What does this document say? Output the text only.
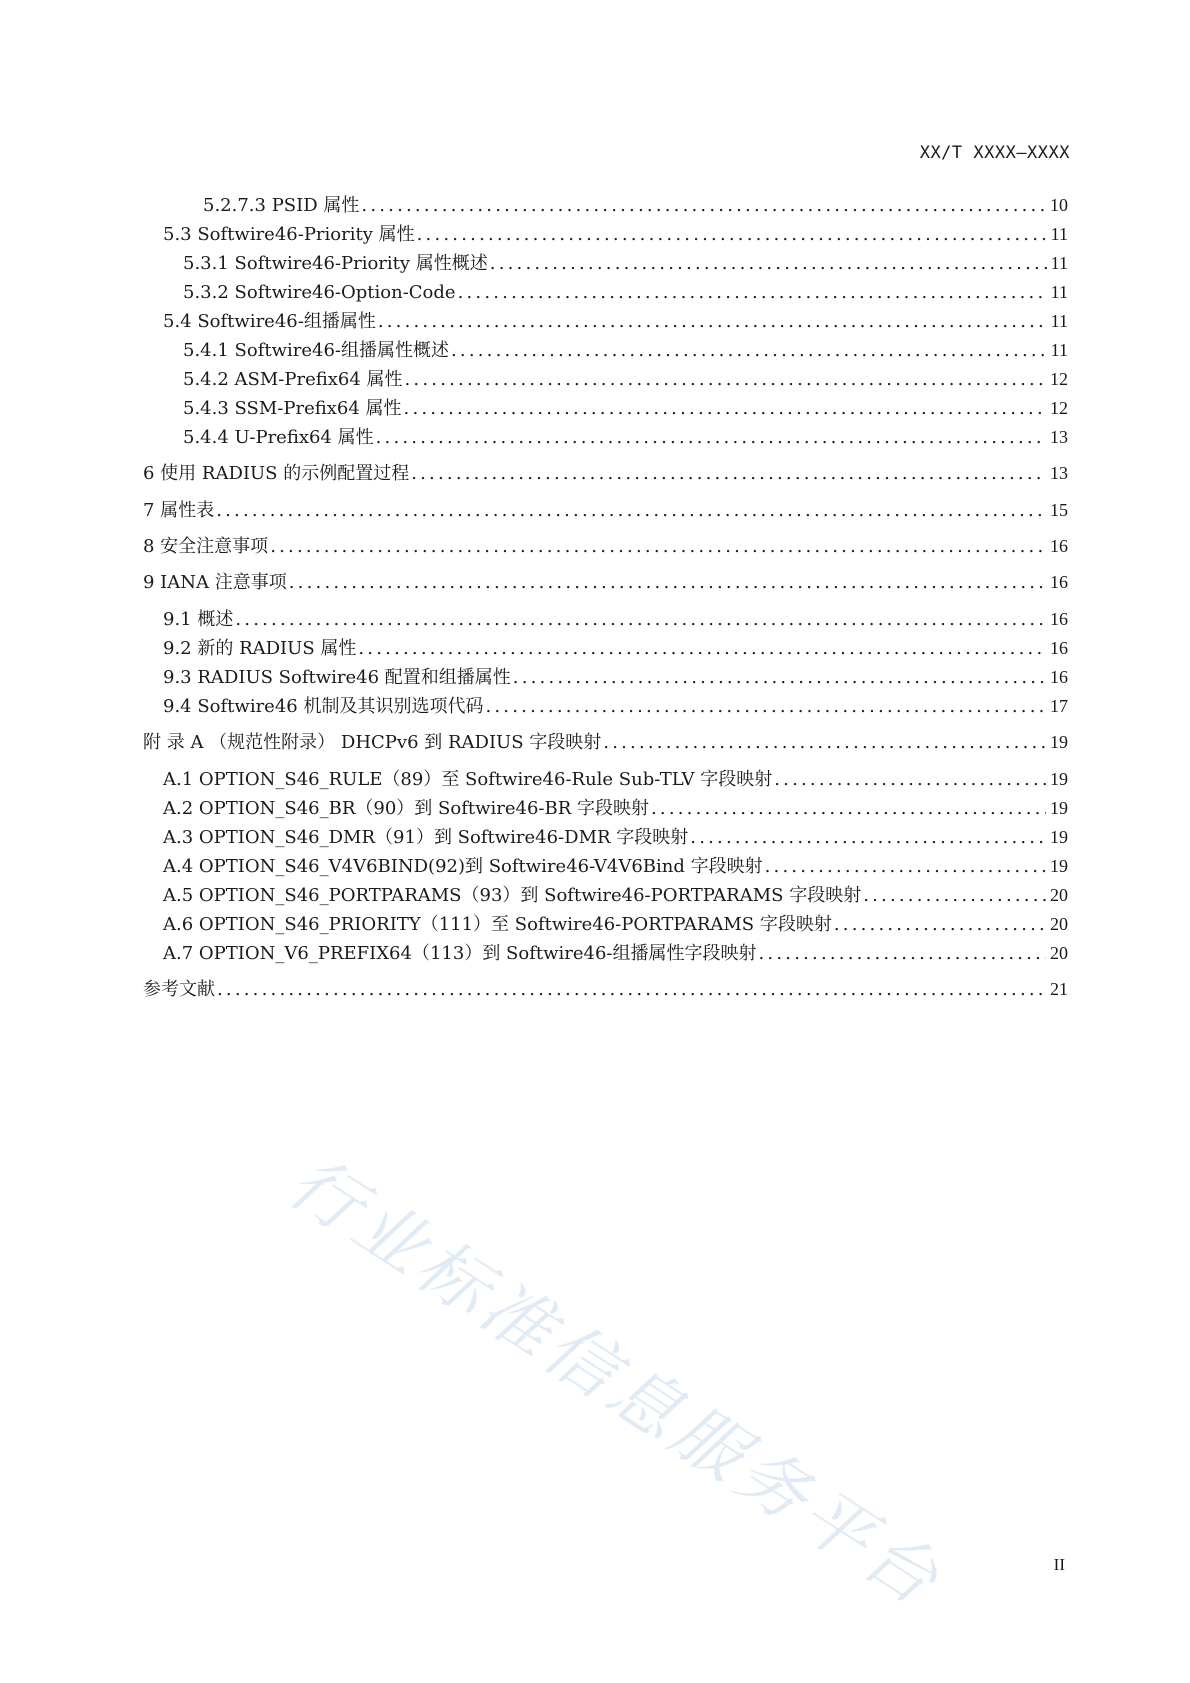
XX/T XXXX—XXXX
5.2.7.3 PSID 属性 .....	10
5.3 Softwire46-Priority 属性 .....	11
5.3.1 Softwire46-Priority 属性概述 .....	11
5.3.2 Softwire46-Option-Code .....	11
5.4 Softwire46-组播属性 .....	11
5.4.1 Softwire46-组播属性概述 .....	11
5.4.2 ASM-Prefix64 属性 .....	12
5.4.3 SSM-Prefix64 属性 .....	12
5.4.4 U-Prefix64 属性 .....	13
6 使用 RADIUS 的示例配置过程 .....	13
7 属性表 .....	15
8 安全注意事项 .....	16
9 IANA 注意事项 .....	16
9.1 概述 .....	16
9.2 新的 RADIUS 属性 .....	16
9.3 RADIUS Softwire46 配置和组播属性 .....	16
9.4 Softwire46 机制及其识别选项代码 .....	17
附 录 A （规范性附录） DHCPv6 到 RADIUS 字段映射 .....	19
A.1 OPTION_S46_RULE（89）至 Softwire46-Rule Sub-TLV 字段映射 .....	19
A.2 OPTION_S46_BR（90）到 Softwire46-BR 字段映射 .....	19
A.3 OPTION_S46_DMR（91）到 Softwire46-DMR 字段映射 .....	19
A.4 OPTION_S46_V4V6BIND(92)到 Softwire46-V4V6Bind 字段映射 .....	19
A.5 OPTION_S46_PORTPARAMS（93）到 Softwire46-PORTPARAMS 字段映射 .....	20
A.6 OPTION_S46_PRIORITY（111）至 Softwire46-PORTPARAMS 字段映射 .....	20
A.7 OPTION_V6_PREFIX64（113）到 Softwire46-组播属性字段映射 .....	20
参考文献 .....	21
II
行业标准信息服务平台
